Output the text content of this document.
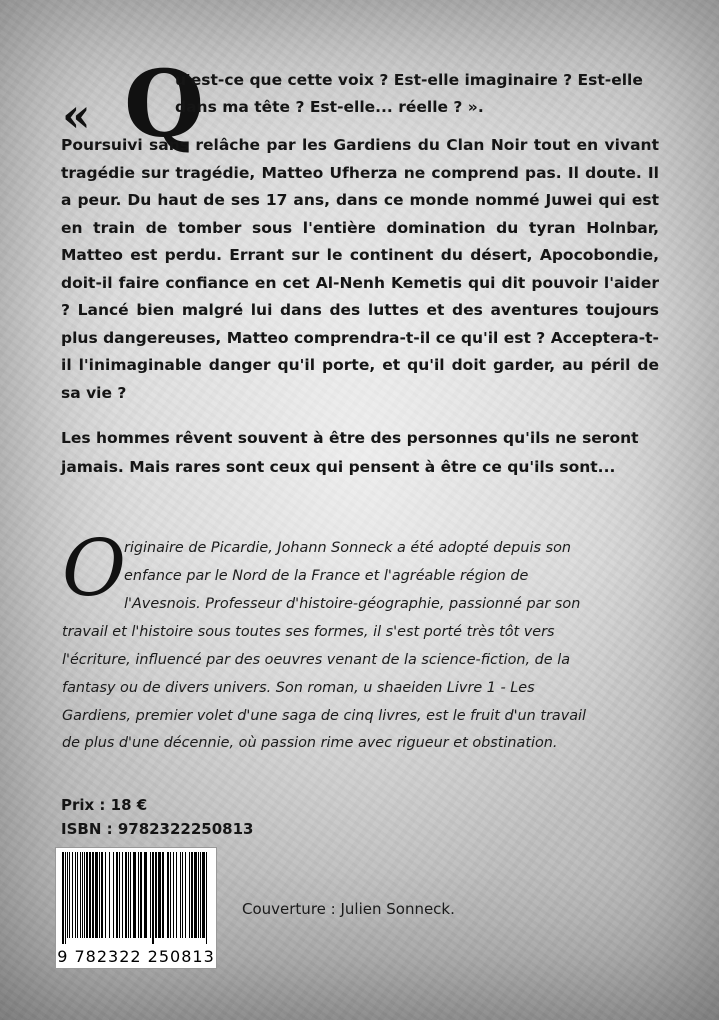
« Q
u'est-ce que cette voix ? Est-elle imaginaire ? Est-elle
dans ma tête ? Est-elle... réelle ? ».
Poursuivi sans relâche par les Gardiens du Clan Noir tout en vivant tragédie sur tragédie, Matteo Ufherza ne comprend pas. Il doute. Il a peur. Du haut de ses 17 ans, dans ce monde nommé Juwei qui est en train de tomber sous l'entière domination du tyran Holnbar, Matteo est perdu. Errant sur le continent du désert, Apocobondie, doit-il faire confiance en cet Al-Nenh Kemetis qui dit pouvoir l'aider ? Lancé bien malgré lui dans des luttes et des aventures toujours plus dangereuses, Matteo comprendra-t-il ce qu'il est ? Acceptera-t-il l'inimaginable danger qu'il porte, et qu'il doit garder, au péril de sa vie ?
Les hommes rêvent souvent à être des personnes qu'ils ne seront jamais. Mais rares sont ceux qui pensent à être ce qu'ils sont...
O
riginaire de Picardie, Johann Sonneck a été adopté depuis son
enfance par le Nord de la France et l'agréable région de
l'Avesnois. Professeur d'histoire-géographie, passionné par son
travail et l'histoire sous toutes ses formes, il s'est porté très tôt vers
l'écriture, influencé par des oeuvres venant de la science-fiction, de la
fantasy ou de divers univers. Son roman, u shaeiden Livre 1 - Les
Gardiens, premier volet d'une saga de cinq livres, est le fruit d'un travail
de plus d'une décennie, où passion rime avec rigueur et obstination.
Prix : 18 €
ISBN : 9782322250813
9 782322 250813
Couverture : Julien Sonneck.
